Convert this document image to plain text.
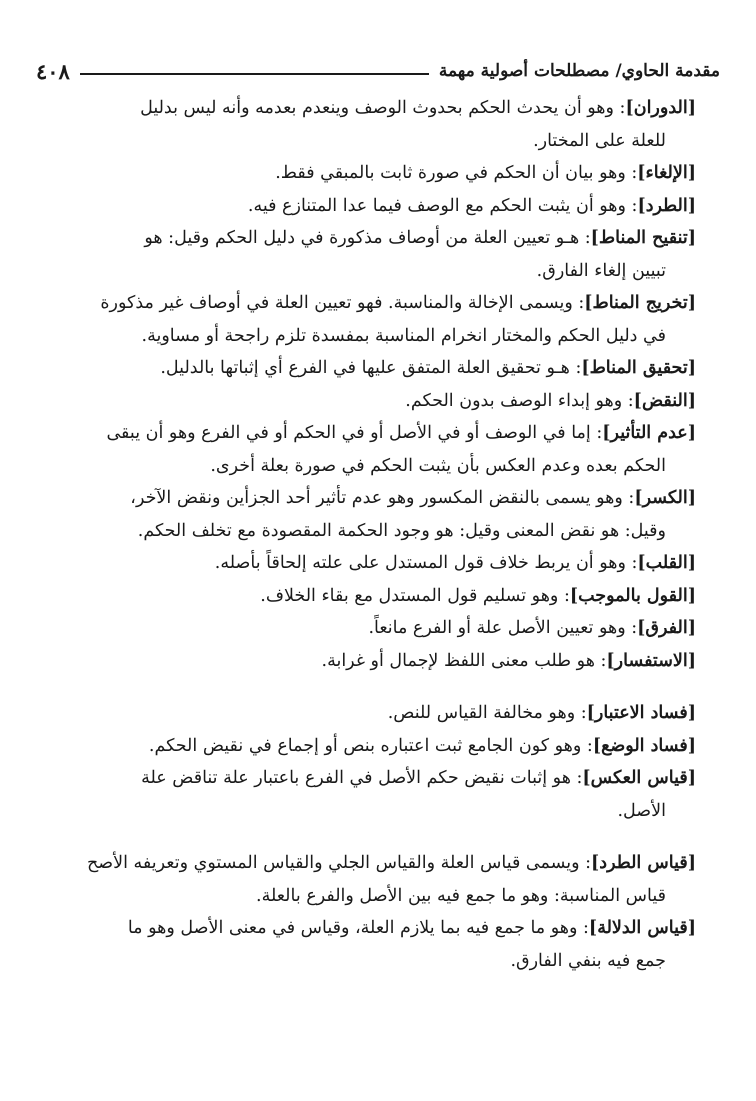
مقدمة الحاوي/ مصطلحات أصولية مهمة
٤٠٨

[الدوران]: وهو أن يحدث الحكم بحدوث الوصف وينعدم بعدمه وأنه ليس بدليل
للعلة على المختار.

[الإلغاء]: وهو بيان أن الحكم في صورة ثابت بالمبقي فقط.

[الطرد]: وهو أن يثبت الحكم مع الوصف فيما عدا المتنازع فيه.

[تنقيح المناط]: هـو تعيين العلة من أوصاف مذكورة في دليل الحكم وقيل: هو
تبيين إلغاء الفارق.

[تخريج المناط]: ويسمى الإخالة والمناسبة. فهو تعيين العلة في أوصاف غير مذكورة
في دليل الحكم والمختار انخرام المناسبة بمفسدة تلزم راجحة أو مساوية.

[تحقيق المناط]: هـو تحقيق العلة المتفق عليها في الفرع أي إثباتها بالدليل.

[النقض]: وهو إبداء الوصف بدون الحكم.

[عدم التأثير]: إما في الوصف أو في الأصل أو في الحكم أو في الفرع وهو أن يبقى
الحكم بعده وعدم العكس بأن يثبت الحكم في صورة بعلة أخرى.

[الكسر]: وهو يسمى بالنقض المكسور وهو عدم تأثير أحد الجزأين ونقض الآخر،
وقيل: هو نقض المعنى وقيل: هو وجود الحكمة المقصودة مع تخلف الحكم.

[القلب]: وهو أن يربط خلاف قول المستدل على علته إلحاقاً بأصله.

[القول بالموجب]: وهو تسليم قول المستدل مع بقاء الخلاف.

[الفرق]: وهو تعيين الأصل علة أو الفرع مانعاً.

[الاستفسار]: هو طلب معنى اللفظ لإجمال أو غرابة.

[فساد الاعتبار]: وهو مخالفة القياس للنص.

[فساد الوضع]: وهو كون الجامع ثبت اعتباره بنص أو إجماع في نقيض الحكم.

[قياس العكس]: هو إثبات نقيض حكم الأصل في الفرع باعتبار علة تناقض علة
الأصل.

[قياس الطرد]: ويسمى قياس العلة والقياس الجلي والقياس المستوي وتعريفه الأصح
قياس المناسبة: وهو ما جمع فيه بين الأصل والفرع بالعلة.

[قياس الدلالة]: وهو ما جمع فيه بما يلازم العلة، وقياس في معنى الأصل وهو ما
جمع فيه بنفي الفارق.
